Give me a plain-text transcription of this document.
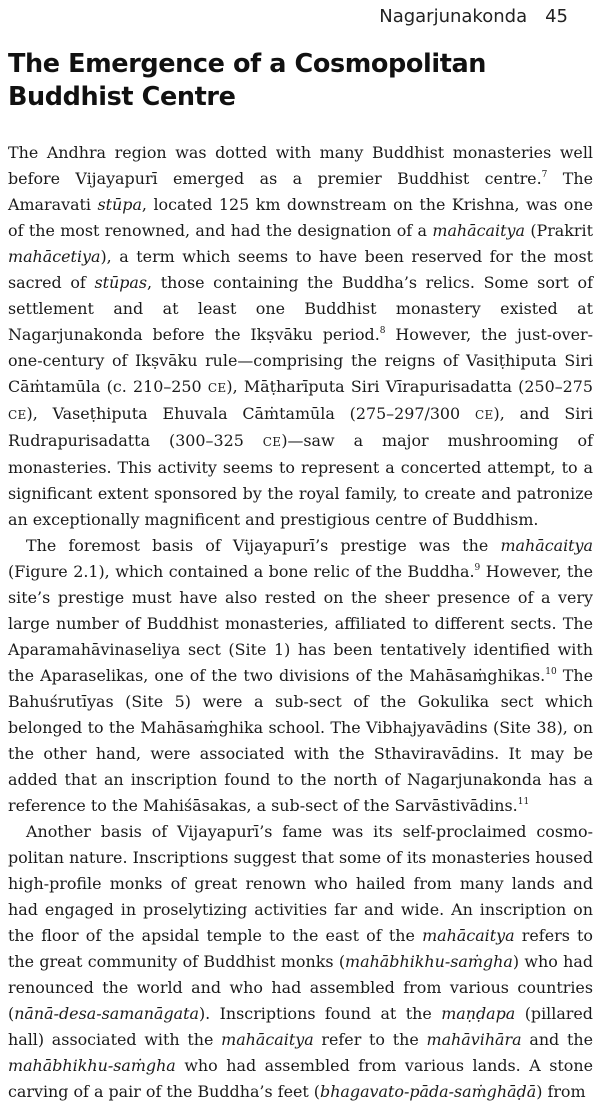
Nagarjunakonda 45
The Emergence of a Cosmopolitan Buddhist Centre

The Andhra region was dotted with many Buddhist monasteries well before Vijayapurī emerged as a premier Buddhist centre.$^7$ The Amaravati stūpa, located 125 km downstream on the Krishna, was one of the most renowned, and had the designation of a mahācaitya (Prakrit mahācetiya), a term which seems to have been reserved for the most sacred of stūpas, those containing the Buddha’s relics. Some sort of settlement and at least one Buddhist monastery existed at Nagarjunakonda before the Ikṣvāku period.$^8$ However, the just-over-one-century of Ikṣvāku rule—comprising the reigns of Vasiṭhiputa Siri Cāṁtamūla (c. 210–250 CE), Māṭharīputa Siri Vīrapurisadatta (250–275 CE), Vaseṭhiputa Ehuvala Cāṁtamūla (275–297/300 CE), and Siri Rudrapurisadatta (300–325 CE)—saw a major mushrooming of monasteries. This activity seems to represent a concerted attempt, to a significant extent sponsored by the royal family, to create and patronize an exceptionally magnificent and prestigious centre of Buddhism.

The foremost basis of Vijayapurī’s prestige was the mahācaitya (Figure 2.1), which contained a bone relic of the Buddha.$^9$ However, the site’s prestige must have also rested on the sheer presence of a very large number of Buddhist monasteries, affiliated to different sects. The Aparamahāvinaseliya sect (Site 1) has been tentatively identified with the Aparaselikas, one of the two divisions of the Mahāsaṁghikas.$^{10}$ The Bahuśrutīyas (Site 5) were a sub-sect of the Gokulika sect which belonged to the Mahāsaṁghika school. The Vibhajyavādins (Site 38), on the other hand, were associated with the Sthaviravādins. It may be added that an inscription found to the north of Nagarjunakonda has a reference to the Mahiśāsakas, a sub-sect of the Sarvāstivādins.$^{11}$

Another basis of Vijayapurī’s fame was its self-proclaimed cosmopolitan nature. Inscriptions suggest that some of its monasteries housed high-profile monks of great renown who hailed from many lands and had engaged in proselytizing activities far and wide. An inscription on the floor of the apsidal temple to the east of the mahācaitya refers to the great community of Buddhist monks (mahābhikhu-saṁgha) who had renounced the world and who had assembled from various countries (nānā-desa-samanāgata). Inscriptions found at the maṇḍapa (pillared hall) associated with the mahācaitya refer to the mahāvihāra and the mahābhikhu-saṁgha who had assembled from various lands. A stone carving of a pair of the Buddha’s feet (bhagavato-pāda-saṁghāḍā) from
